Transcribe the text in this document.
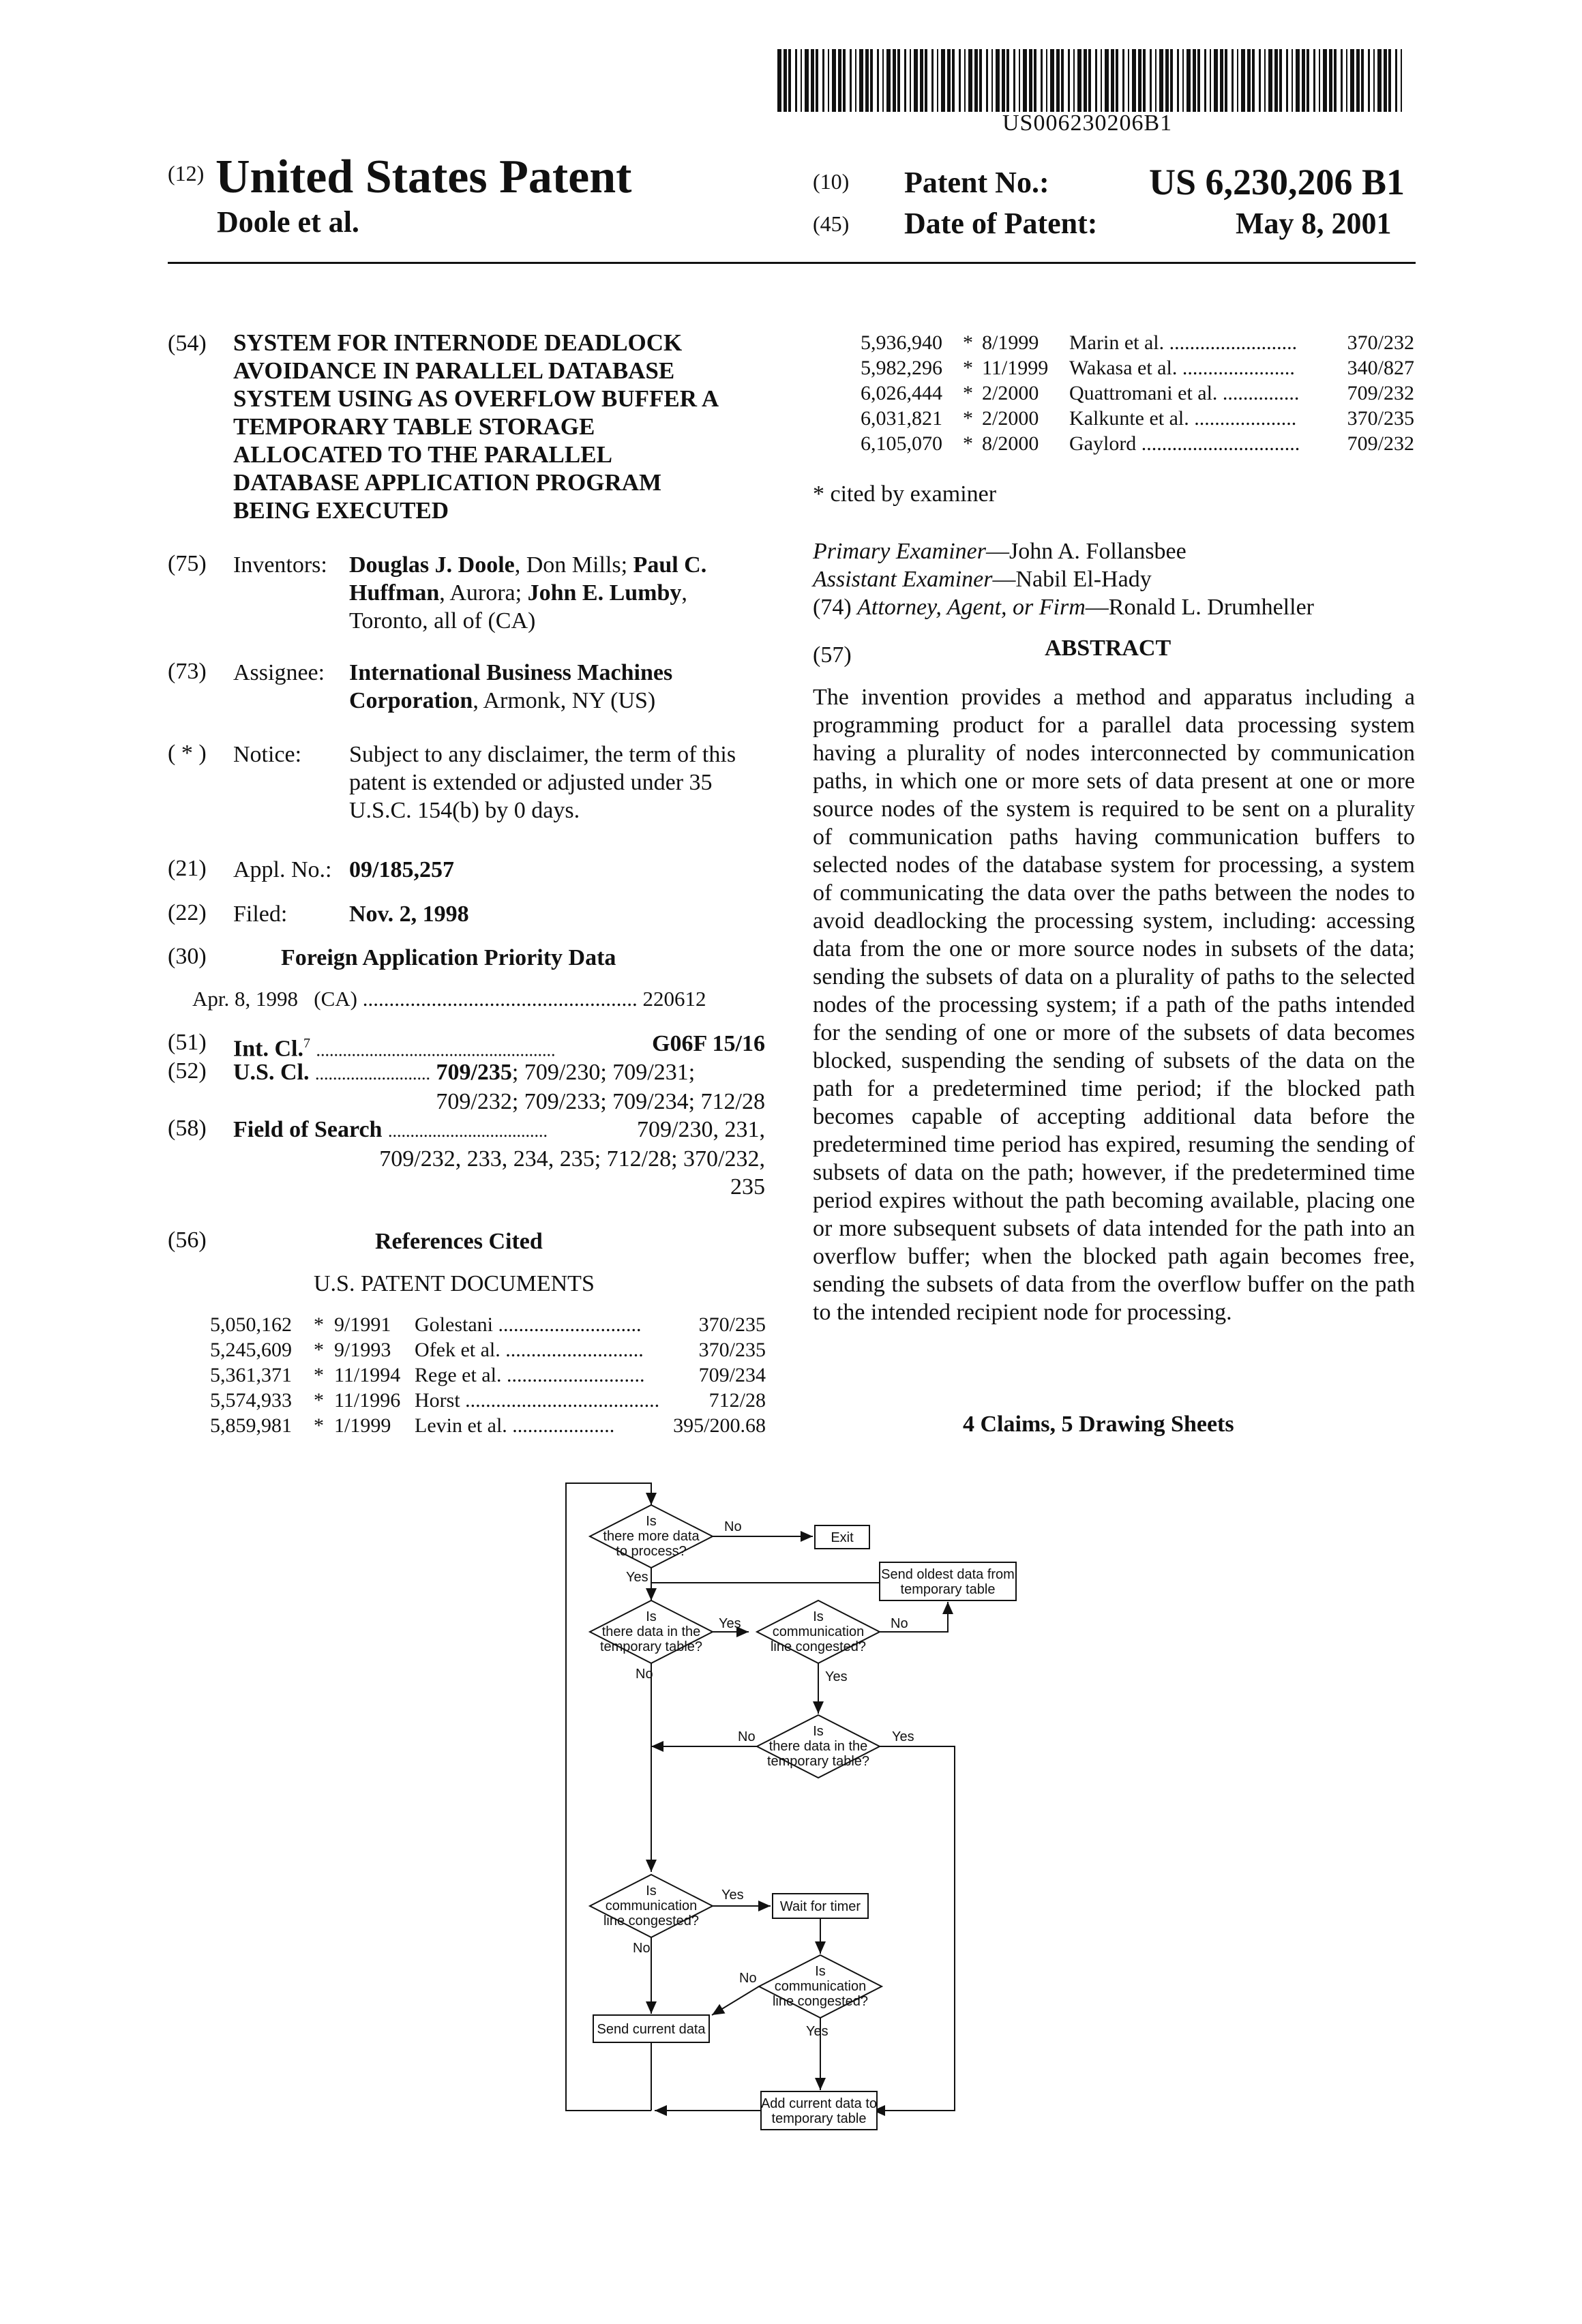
US006230206B1
(12) United States Patent
Doole et al.
(10) Patent No.:	US 6,230,206 B1
(45) Date of Patent:	May 8, 2001
(54) SYSTEM FOR INTERNODE DEADLOCK
AVOIDANCE IN PARALLEL DATABASE
SYSTEM USING AS OVERFLOW BUFFER A
TEMPORARY TABLE STORAGE
ALLOCATED TO THE PARALLEL
DATABASE APPLICATION PROGRAM
BEING EXECUTED
(75) Inventors: Douglas J. Doole, Don Mills; Paul C.
Huffman, Aurora; John E. Lumby,
Toronto, all of (CA)
(73) Assignee: International Business Machines
Corporation, Armonk, NY (US)
( * ) Notice: Subject to any disclaimer, the term of this
patent is extended or adjusted under 35
U.S.C. 154(b) by 0 days.
(21) Appl. No.: 09/185,257
(22) Filed:	Nov. 2, 1998
(30)	Foreign Application Priority Data
Apr. 8, 1998   (CA) .................................................... 220612
(51) Int. Cl.$^7$ ......................................................	G06F 15/16
(52) U.S. Cl. .......................... 709/235; 709/230; 709/231;
709/232; 709/233; 709/234; 712/28
(58) Field of Search ....................................	709/230, 231,
709/232, 233, 234, 235; 712/28; 370/232,
235
(56)	References Cited
U.S. PATENT DOCUMENTS
5,050,162 * 9/1991 Golestani ............................	370/235
5,245,609 * 9/1993 Ofek et al. ...........................	370/235
5,361,371 * 11/1994 Rege et al. ...........................	709/234
5,574,933 * 11/1996 Horst ...................................... 712/28
5,859,981 * 1/1999 Levin et al. ....................	395/200.68
5,936,940 * 8/1999 Marin et al. ......................... 370/232
5,982,296 * 11/1999 Wakasa et al. ......................	340/827
6,026,444 * 2/2000 Quattromani et al. ............... 709/232
6,031,821 * 2/2000 Kalkunte et al. .................... 370/235
6,105,070 * 8/2000 Gaylord ............................... 709/232
* cited by examiner
Primary Examiner—John A. Follansbee
Assistant Examiner—Nabil El-Hady
(74) Attorney, Agent, or Firm—Ronald L. Drumheller
(57)	ABSTRACT
The invention provides a method and apparatus including a programming product for a parallel data processing system having a plurality of nodes interconnected by communication paths, in which one or more sets of data present at one or more source nodes of the system is required to be sent on a plurality of communication paths having communication buffers to selected nodes of the database system for processing, a system of communicating the data over the paths between the nodes to avoid deadlocking the processing system, including: accessing data from the one or more source nodes in subsets of the data; sending the subsets of data on a plurality of paths to the selected nodes of the processing system; if a path of the paths intended for the sending of one or more of the subsets of data becomes blocked, suspending the sending of subsets of the data on the path for a predetermined time period; if the blocked path becomes capable of accepting additional data before the predetermined time period has expired, resuming the sending of subsets of data on the path; however, if the predetermined time period expires without the path becoming available, placing one or more subsequent subsets of data intended for the path into an overflow buffer; when the blocked path again becomes free, sending the subsets of data from the overflow buffer on the path to the intended recipient node for processing.
4 Claims, 5 Drawing Sheets
Is
there more data
to process?
No
Yes
Exit
Send oldest data from
temporary table
Is
there data in the
temporary table?
Yes
No
Is
communication
line congested?
No
Yes
Is
there data in the
temporary table?
No	Yes
Is
communication
line congested?
Yes
No
Wait for timer
Is
communication
line congested?
No
Yes
Send current data
Add current data to
temporary table
